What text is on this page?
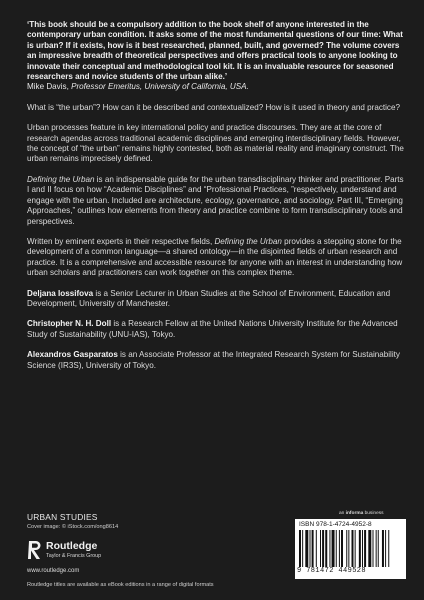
‘This book should be a compulsory addition to the book shelf of anyone interested in the contemporary urban condition. It asks some of the most fundamental questions of our time: What is urban? If it exists, how is it best researched, planned, built, and governed? The volume covers an impressive breadth of theoretical perspectives and offers practical tools to anyone looking to innovate their conceptual and methodological tool kit. It is an invaluable resource for seasoned researchers and novice students of the urban alike.’

Mike Davis, Professor Emeritus, University of California, USA.

What is “the urban”? How can it be described and contextualized? How is it used in theory and practice?

Urban processes feature in key international policy and practice discourses. They are at the core of research agendas across traditional academic disciplines and emerging interdisciplinary fields. However, the concept of “the urban” remains highly contested, both as material reality and imaginary construct. The urban remains imprecisely defined.

Defining the Urban is an indispensable guide for the urban transdisciplinary thinker and practitioner. Parts I and II focus on how “Academic Disciplines” and “Professional Practices, ”respectively, understand and engage with the urban. Included are architecture, ecology, governance, and sociology. Part III, “Emerging Approaches,” outlines how elements from theory and practice combine to form transdisciplinary tools and perspectives.

Written by eminent experts in their respective fields, Defining the Urban provides a stepping stone for the development of a common language—a shared ontology—in the disjointed fields of urban research and practice. It is a comprehensive and accessible resource for anyone with an interest in understanding how urban scholars and practitioners can work together on this complex theme.

Deljana Iossifova is a Senior Lecturer in Urban Studies at the School of Environment, Education and Development, University of Manchester.

Christopher N. H. Doll is a Research Fellow at the United Nations University Institute for the Advanced Study of Sustainability (UNU-IAS), Tokyo.

Alexandros Gasparatos is an Associate Professor at the Integrated Research System for Sustainability Science (IR3S), University of Tokyo.

URBAN STUDIES
Cover image: © iStock.com/ong8614
Routledge
Taylor & Francis Group
www.routledge.com
Routledge titles are available as eBook editions in a range of digital formats
an informa business
ISBN 978-1-4724-4952-8
9 781472 449528
